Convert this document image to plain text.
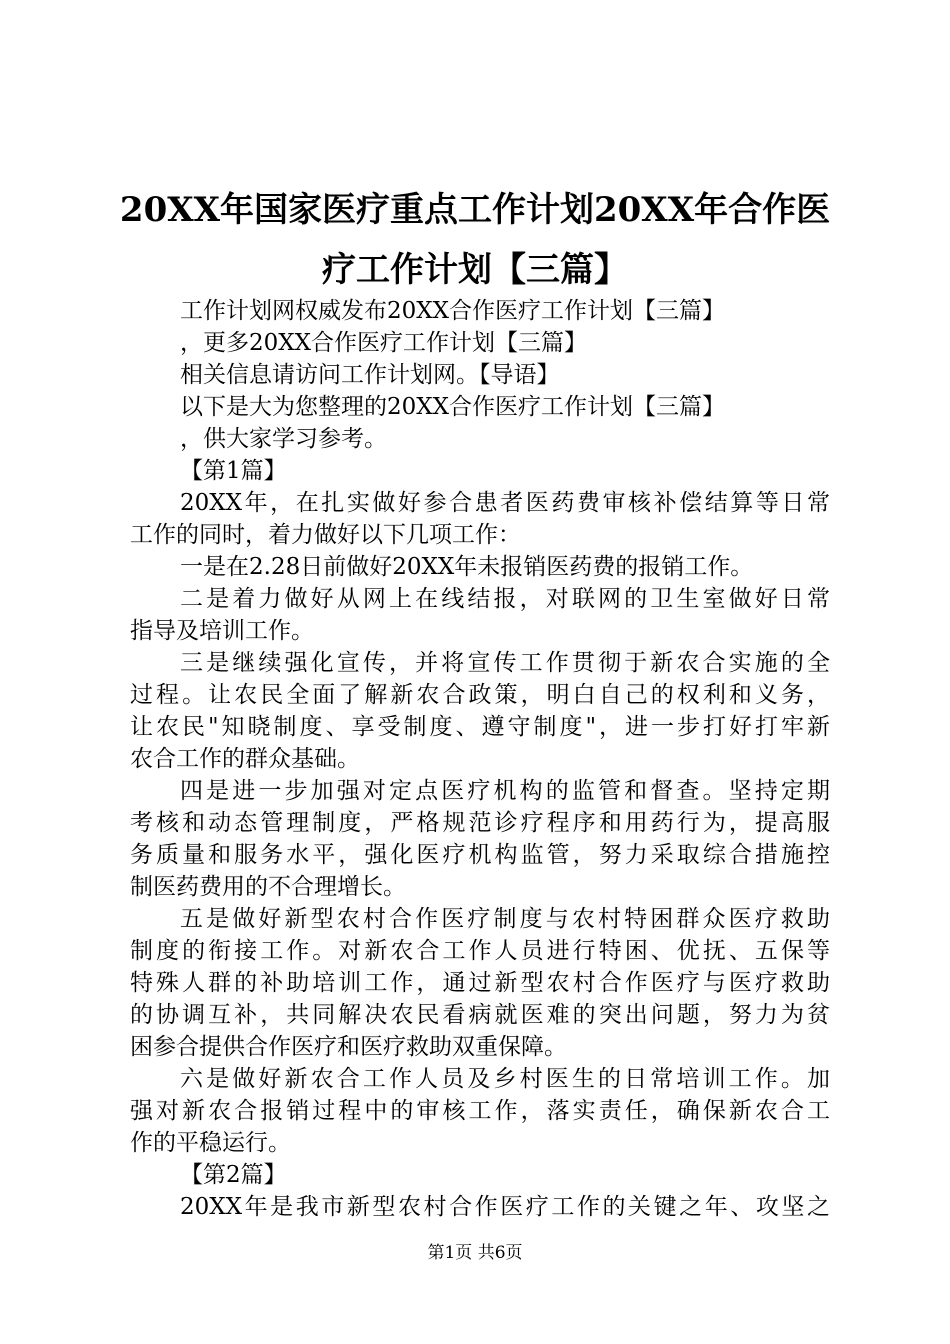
20XX年国家医疗重点工作计划20XX年合作医
疗工作计划【三篇】
工作计划网权威发布20XX合作医疗工作计划【三篇】
，更多20XX合作医疗工作计划【三篇】
相关信息请访问工作计划网。【导语】
以下是大为您整理的20XX合作医疗工作计划【三篇】
，供大家学习参考。
【第1篇】
20XX年，在扎实做好参合患者医药费审核补偿结算等日常
工作的同时，着力做好以下几项工作：
一是在2.28日前做好20XX年未报销医药费的报销工作。
二是着力做好从网上在线结报，对联网的卫生室做好日常
指导及培训工作。
三是继续强化宣传，并将宣传工作贯彻于新农合实施的全
过程。让农民全面了解新农合政策，明白自己的权利和义务，
让农民"知晓制度、享受制度、遵守制度"，进一步打好打牢新
农合工作的群众基础。
四是进一步加强对定点医疗机构的监管和督查。坚持定期
考核和动态管理制度，严格规范诊疗程序和用药行为，提高服
务质量和服务水平，强化医疗机构监管，努力采取综合措施控
制医药费用的不合理增长。
五是做好新型农村合作医疗制度与农村特困群众医疗救助
制度的衔接工作。对新农合工作人员进行特困、优抚、五保等
特殊人群的补助培训工作，通过新型农村合作医疗与医疗救助
的协调互补，共同解决农民看病就医难的突出问题，努力为贫
困参合提供合作医疗和医疗救助双重保障。
六是做好新农合工作人员及乡村医生的日常培训工作。加
强对新农合报销过程中的审核工作，落实责任，确保新农合工
作的平稳运行。
【第2篇】
20XX年是我市新型农村合作医疗工作的关键之年、攻坚之
第1页 共6页
